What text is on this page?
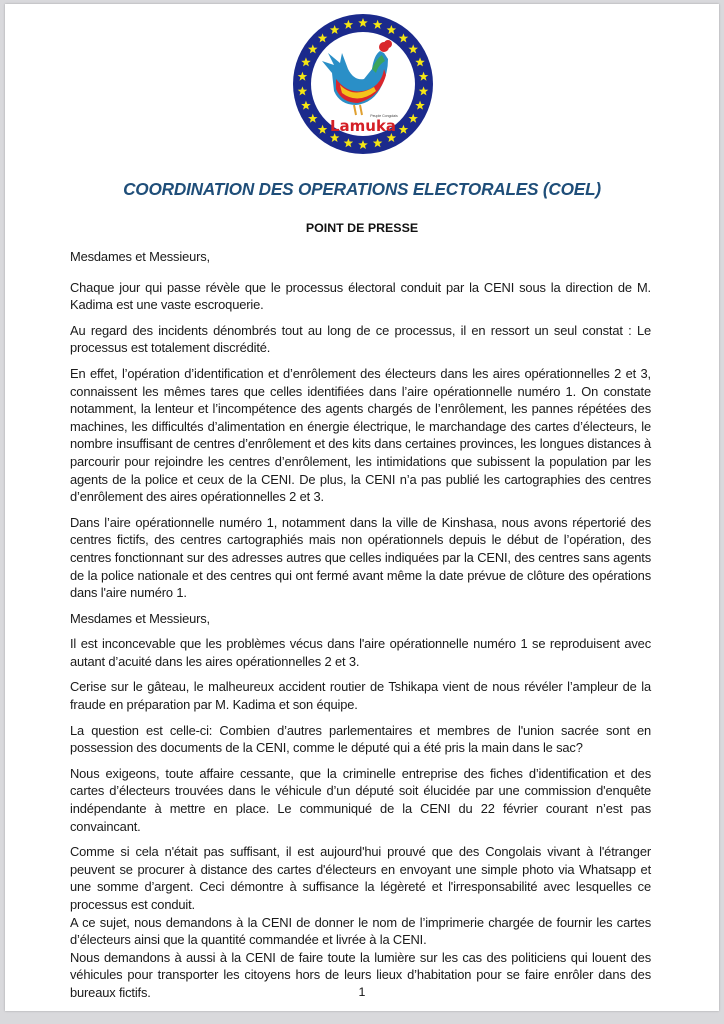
Peuple Congolais
Lamuka
COORDINATION DES OPERATIONS ELECTORALES (COEL)
POINT DE PRESSE

Mesdames et Messieurs,

Chaque jour qui passe révèle que le processus électoral conduit par la CENI sous la direction de M. Kadima est une vaste escroquerie.

Au regard des incidents dénombrés tout au long de ce processus, il en ressort un seul constat : Le processus est totalement discrédité.

En effet, l’opération d’identification et d’enrôlement des électeurs dans les aires opérationnelles 2 et 3, connaissent les mêmes tares que celles identifiées dans l’aire opérationnelle numéro 1. On constate notamment, la lenteur et l’incompétence des agents chargés de l’enrôlement, les pannes répétées des machines, les difficultés d’alimentation en énergie électrique, le marchandage des cartes d’électeurs, le nombre insuffisant de centres d’enrôlement et des kits dans certaines provinces, les longues distances à parcourir pour rejoindre les centres d’enrôlement, les intimidations que subissent la population par les agents de la police et ceux de la CENI. De plus, la CENI n’a pas publié les cartographies des centres d’enrôlement des aires opérationnelles 2 et 3.

Dans l’aire opérationnelle numéro 1, notamment dans la ville de Kinshasa, nous avons répertorié des centres fictifs, des centres cartographiés mais non opérationnels depuis le début de l’opération, des centres fonctionnant sur des adresses autres que celles indiquées par la CENI, des centres sans agents de la police nationale et des centres qui ont fermé avant même la date prévue de clôture des opérations dans l'aire numéro 1.

Mesdames et Messieurs,

Il est inconcevable que les problèmes vécus dans l'aire opérationnelle numéro 1 se reproduisent avec autant d’acuité dans les aires opérationnelles 2 et 3.

Cerise sur le gâteau, le malheureux accident routier de Tshikapa vient de nous révéler l’ampleur de la fraude en préparation par M. Kadima et son équipe.

La question est celle-ci: Combien d’autres parlementaires et membres de l'union sacrée sont en possession des documents de la CENI, comme le député qui a été pris la main dans le sac?

Nous exigeons, toute affaire cessante, que la criminelle entreprise des fiches d’identification et des cartes d’électeurs trouvées dans le véhicule d’un député soit élucidée par une commission d'enquête indépendante à mettre en place. Le communiqué de la CENI du 22 février courant n’est pas convaincant.

Comme si cela n'était pas suffisant, il est aujourd'hui prouvé que des Congolais vivant à l'étranger peuvent se procurer à distance des cartes d'électeurs en envoyant une simple photo via Whatsapp et une somme d’argent. Ceci démontre à suffisance la légèreté et l'irresponsabilité avec lesquelles ce processus est conduit.

A ce sujet, nous demandons à la CENI de donner le nom de l’imprimerie chargée de fournir les cartes d’électeurs ainsi que la quantité commandée et livrée à la CENI.

Nous demandons à aussi à la CENI de faire toute la lumière sur les cas des politiciens qui louent des véhicules pour transporter les citoyens hors de leurs lieux d’habitation pour se faire enrôler dans des bureaux fictifs.	1
